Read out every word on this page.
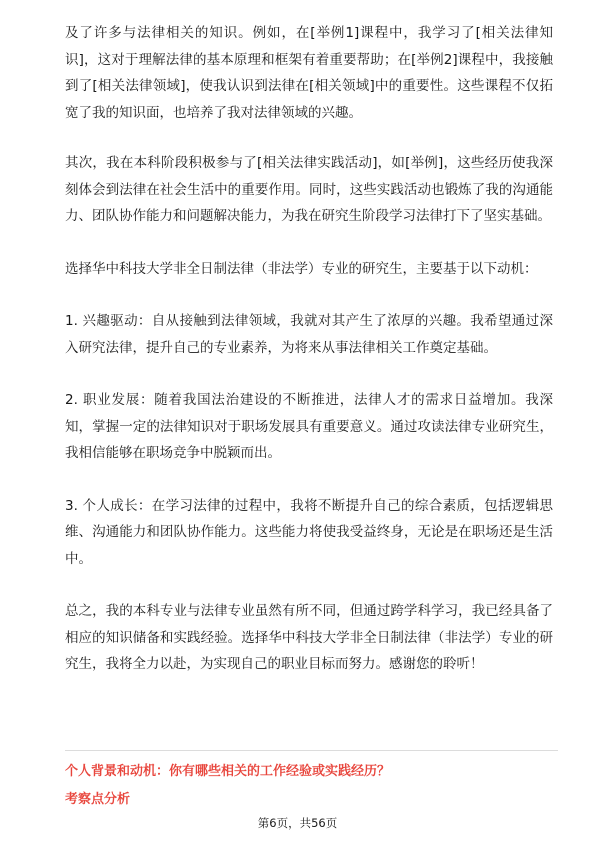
及了许多与法律相关的知识。例如，在[举例1]课程中，我学习了[相关法律知识]，这对于理解法律的基本原理和框架有着重要帮助；在[举例2]课程中，我接触到了[相关法律领域]，使我认识到法律在[相关领域]中的重要性。这些课程不仅拓宽了我的知识面，也培养了我对法律领域的兴趣。

其次，我在本科阶段积极参与了[相关法律实践活动]，如[举例]，这些经历使我深刻体会到法律在社会生活中的重要作用。同时，这些实践活动也锻炼了我的沟通能力、团队协作能力和问题解决能力，为我在研究生阶段学习法律打下了坚实基础。

选择华中科技大学非全日制法律（非法学）专业的研究生，主要基于以下动机：

1. 兴趣驱动：自从接触到法律领域，我就对其产生了浓厚的兴趣。我希望通过深入研究法律，提升自己的专业素养，为将来从事法律相关工作奠定基础。

2. 职业发展：随着我国法治建设的不断推进，法律人才的需求日益增加。我深知，掌握一定的法律知识对于职场发展具有重要意义。通过攻读法律专业研究生，我相信能够在职场竞争中脱颖而出。

3. 个人成长：在学习法律的过程中，我将不断提升自己的综合素质，包括逻辑思维、沟通能力和团队协作能力。这些能力将使我受益终身，无论是在职场还是生活中。

总之，我的本科专业与法律专业虽然有所不同，但通过跨学科学习，我已经具备了相应的知识储备和实践经验。选择华中科技大学非全日制法律（非法学）专业的研究生，我将全力以赴，为实现自己的职业目标而努力。感谢您的聆听！

个人背景和动机：你有哪些相关的工作经验或实践经历？
考察点分析
第6页，共56页
